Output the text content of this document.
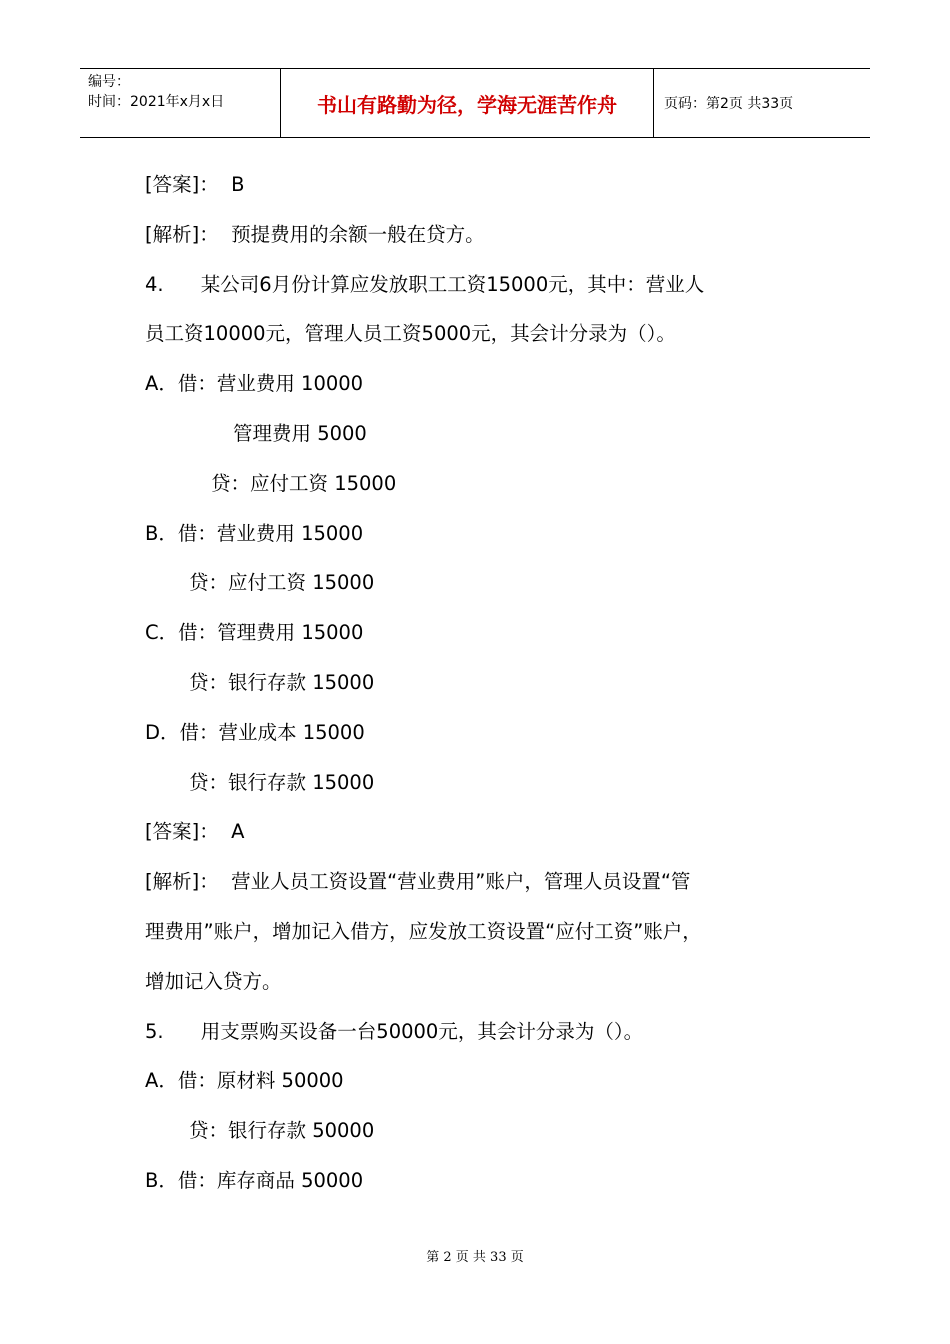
编号：
时间：2021年x月x日	书山有路勤为径，学海无涯苦作舟	页码：第2页 共33页
[答案]：  B
[解析]：  预提费用的余额一般在贷方。
4.      某公司6月份计算应发放职工工资15000元，其中：营业人
员工资10000元，管理人员工资5000元，其会计分录为（）。
A．借：营业费用 10000
管理费用 5000
贷：应付工资 15000
B．借：营业费用 15000
贷：应付工资 15000
C．借：管理费用 15000
贷：银行存款 15000
D．借：营业成本 15000
贷：银行存款 15000
[答案]：  A
[解析]：  营业人员工资设置“营业费用”账户，管理人员设置“管
理费用”账户，增加记入借方，应发放工资设置“应付工资”账户，
增加记入贷方。
5.      用支票购买设备一台50000元，其会计分录为（）。
A．借：原材料 50000
贷：银行存款 50000
B．借：库存商品 50000
第 2 页 共 33 页
